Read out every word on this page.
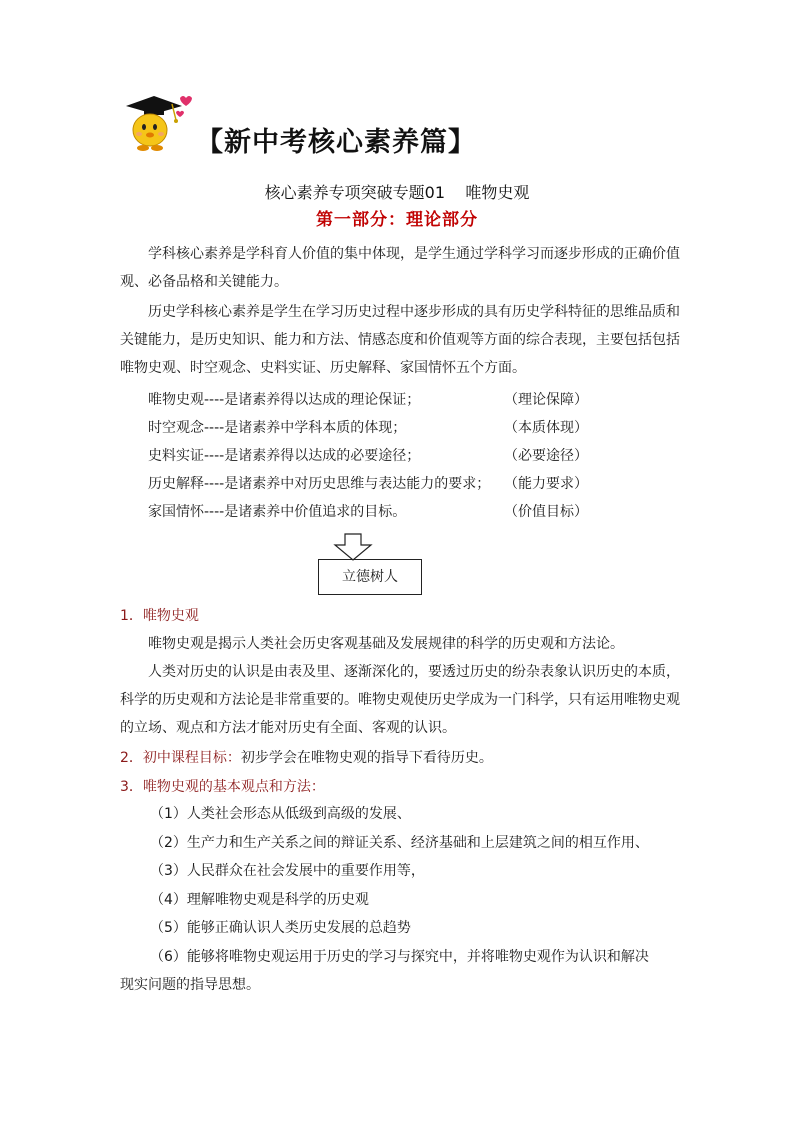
【新中考核心素养篇】
核心素养专项突破专题01    唯物史观
第一部分：理论部分

学科核心素养是学科育人价值的集中体现，是学生通过学科学习而逐步形成的正确价值观、必备品格和关键能力。

历史学科核心素养是学生在学习历史过程中逐步形成的具有历史学科特征的思维品质和关键能力，是历史知识、能力和方法、情感态度和价值观等方面的综合表现，主要包括包括唯物史观、时空观念、史料实证、历史解释、家国情怀五个方面。

唯物史观----是诸素养得以达成的理论保证；	（理论保障）
时空观念----是诸素养中学科本质的体现；	（本质体现）
史料实证----是诸素养得以达成的必要途径；	（必要途径）
历史解释----是诸素养中对历史思维与表达能力的要求； （能力要求）
家国情怀----是诸素养中价值追求的目标。	（价值目标）
立德树人
1．唯物史观

唯物史观是揭示人类社会历史客观基础及发展规律的科学的历史观和方法论。

人类对历史的认识是由表及里、逐渐深化的，要透过历史的纷杂表象认识历史的本质，科学的历史观和方法论是非常重要的。唯物史观使历史学成为一门科学，只有运用唯物史观的立场、观点和方法才能对历史有全面、客观的认识。

2．初中课程目标：初步学会在唯物史观的指导下看待历史。
3．唯物史观的基本观点和方法：

（1）人类社会形态从低级到高级的发展、

（2）生产力和生产关系之间的辩证关系、经济基础和上层建筑之间的相互作用、

（3）人民群众在社会发展中的重要作用等，

（4）理解唯物史观是科学的历史观

（5）能够正确认识人类历史发展的总趋势

（6）能够将唯物史观运用于历史的学习与探究中，并将唯物史观作为认识和解决

现实问题的指导思想。
